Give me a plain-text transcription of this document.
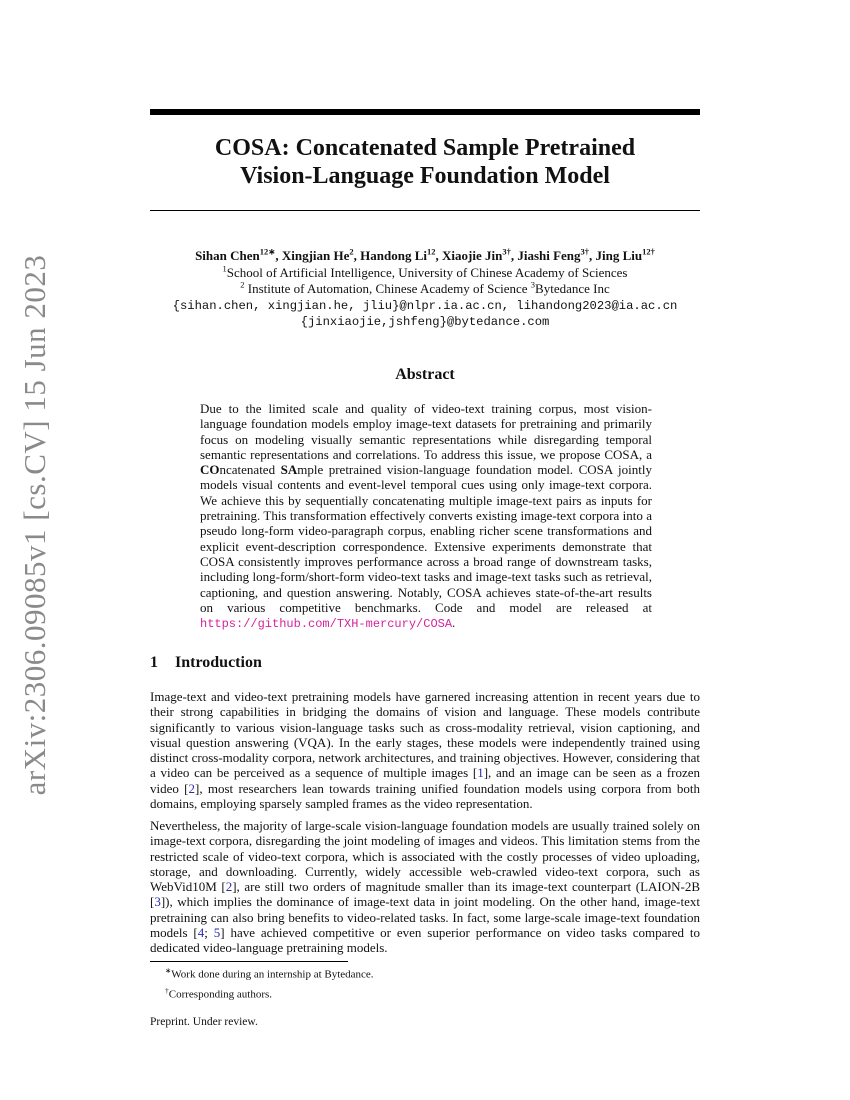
arXiv:2306.09085v1 [cs.CV] 15 Jun 2023
COSA: Concatenated Sample Pretrained
Vision-Language Foundation Model
Sihan Chen$^{12∗}$, Xingjian He$^2$, Handong Li$^{12}$, Xiaojie Jin$^{3\dagger}$, Jiashi Feng$^{3\dagger}$, Jing Liu$^{12\dagger}$
$^1$School of Artificial Intelligence, University of Chinese Academy of Sciences
$^2$ Institute of Automation, Chinese Academy of Science $^3$Bytedance Inc
{sihan.chen, xingjian.he, jliu}@nlpr.ia.ac.cn, lihandong2023@ia.ac.cn
{jinxiaojie,jshfeng}@bytedance.com
Abstract

Due to the limited scale and quality of video-text training corpus, most vision-language foundation models employ image-text datasets for pretraining and primarily focus on modeling visually semantic representations while disregarding temporal semantic representations and correlations. To address this issue, we propose COSA, a COncatenated SAmple pretrained vision-language foundation model. COSA jointly models visual contents and event-level temporal cues using only image-text corpora. We achieve this by sequentially concatenating multiple image-text pairs as inputs for pretraining. This transformation effectively converts existing image-text corpora into a pseudo long-form video-paragraph corpus, enabling richer scene transformations and explicit event-description correspondence. Extensive experiments demonstrate that COSA consistently improves performance across a broad range of downstream tasks, including long-form/short-form video-text tasks and image-text tasks such as retrieval, captioning, and question answering. Notably, COSA achieves state-of-the-art results on various competitive benchmarks. Code and model are released at https://github.com/TXH-mercury/COSA.

1 Introduction

Image-text and video-text pretraining models have garnered increasing attention in recent years due to their strong capabilities in bridging the domains of vision and language. These models contribute significantly to various vision-language tasks such as cross-modality retrieval, vision captioning, and visual question answering (VQA). In the early stages, these models were independently trained using distinct cross-modality corpora, network architectures, and training objectives. However, considering that a video can be perceived as a sequence of multiple images [1], and an image can be seen as a frozen video [2], most researchers lean towards training unified foundation models using corpora from both domains, employing sparsely sampled frames as the video representation.

Nevertheless, the majority of large-scale vision-language foundation models are usually trained solely on image-text corpora, disregarding the joint modeling of images and videos. This limitation stems from the restricted scale of video-text corpora, which is associated with the costly processes of video uploading, storage, and downloading. Currently, widely accessible web-crawled video-text corpora, such as WebVid10M [2], are still two orders of magnitude smaller than its image-text counterpart (LAION-2B [3]), which implies the dominance of image-text data in joint modeling. On the other hand, image-text pretraining can also bring benefits to video-related tasks. In fact, some large-scale image-text foundation models [4; 5] have achieved competitive or even superior performance on video tasks compared to dedicated video-language pretraining models.

∗Work done during an internship at Bytedance.
†Corresponding authors.
Preprint. Under review.
